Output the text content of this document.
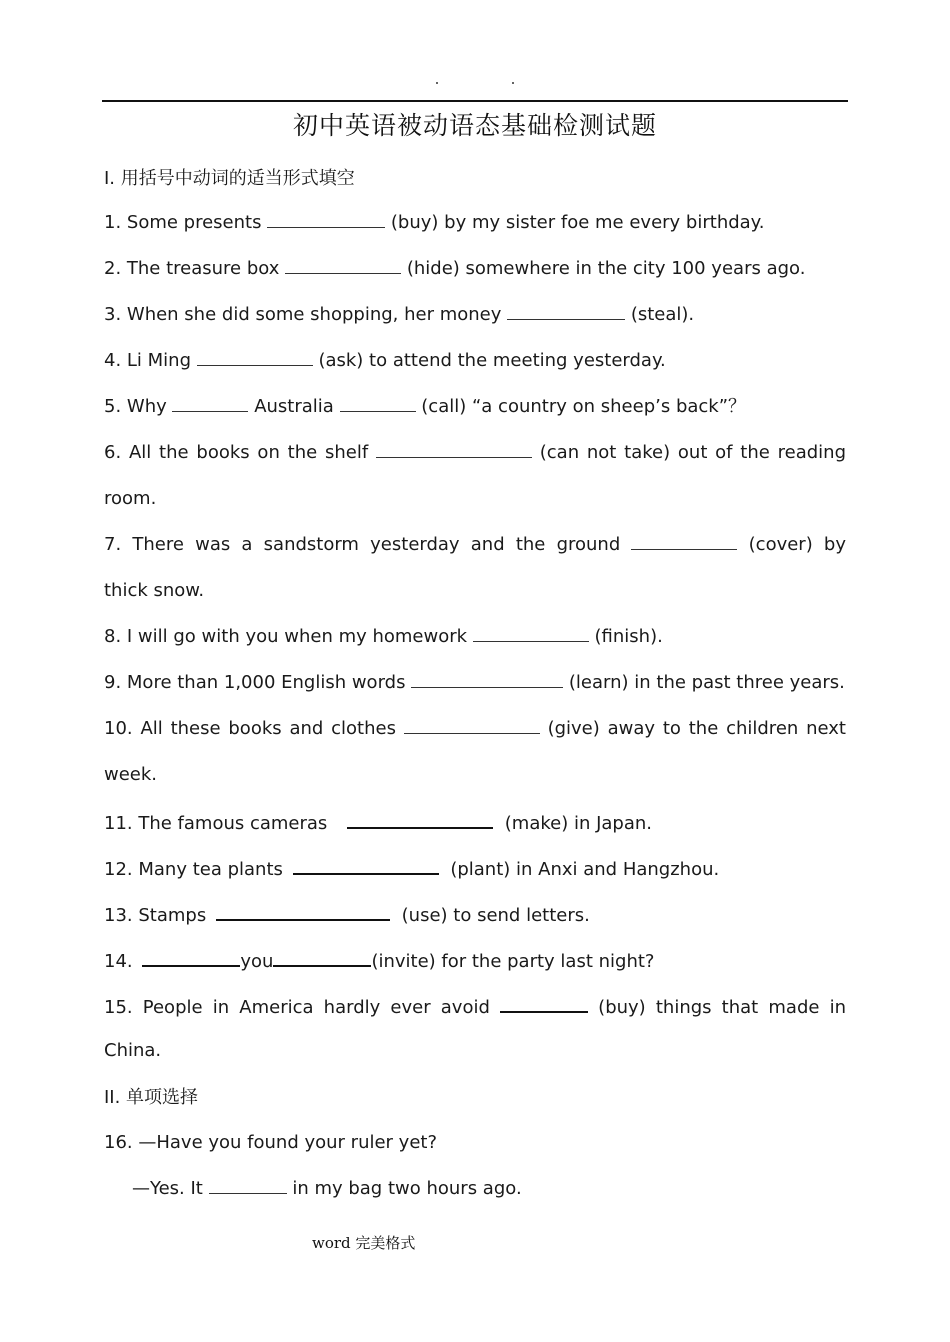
初中英语被动语态基础检测试题
I. 用括号中动词的适当形式填空
1. Some presents	(buy) by my sister foe me every birthday.
2. The treasure box	(hide) somewhere in the city 100 years ago.
3. When she did some shopping, her money	(steal).
4. Li Ming	(ask) to attend the meeting yesterday.
5. Why	Australia	(call) “a country on sheep’s back”？
6. All the books on the shelf	(can not take) out of the reading
room.
7. There was a sandstorm yesterday and the ground	(cover) by
thick snow.
8. I will go with you when my homework	(finish).
9. More than 1,000 English words	(learn) in the past three years.
10. All these books and clothes	(give) away to the children next
week.
11. The famous cameras	(make) in Japan.
12. Many tea plants	(plant) in Anxi and Hangzhou.
13. Stamps	(use) to send letters.
14.	you	(invite) for the party last night?
15. People in America hardly ever avoid	(buy) things that made in
China.
II. 单项选择
16. —Have you found your ruler yet?
—Yes. It	in my bag two hours ago.
word 完美格式
